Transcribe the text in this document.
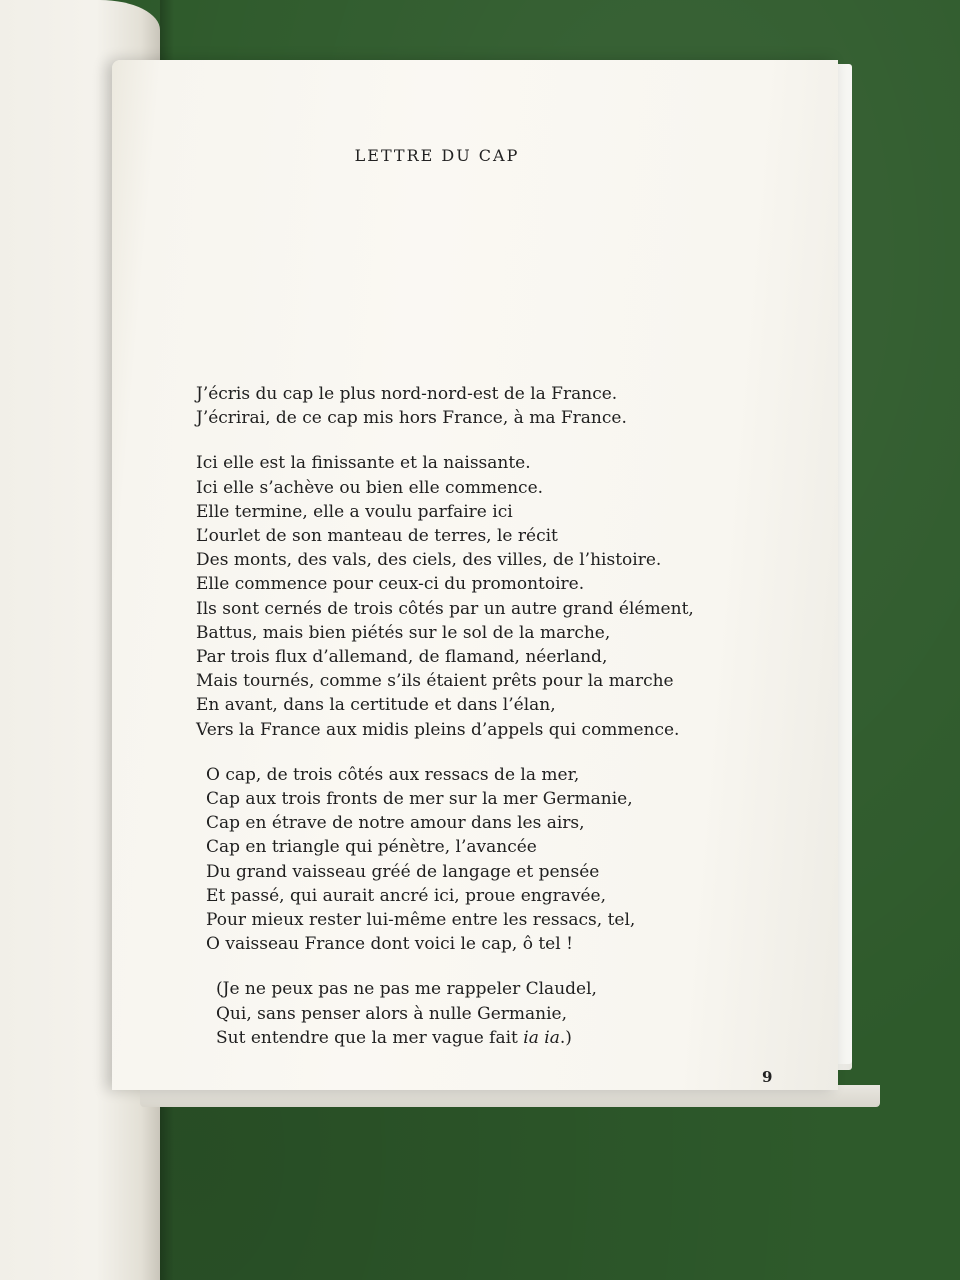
LETTRE DU CAP
J’écris du cap le plus nord-nord-est de la France.
J’écrirai, de ce cap mis hors France, à ma France.
Ici elle est la finissante et la naissante.
Ici elle s’achève ou bien elle commence.
Elle termine, elle a voulu parfaire ici
L’ourlet de son manteau de terres, le récit
Des monts, des vals, des ciels, des villes, de l’histoire.
Elle commence pour ceux-ci du promontoire.
Ils sont cernés de trois côtés par un autre grand élément,
Battus, mais bien piétés sur le sol de la marche,
Par trois flux d’allemand, de flamand, néerland,
Mais tournés, comme s’ils étaient prêts pour la marche
En avant, dans la certitude et dans l’élan,
Vers la France aux midis pleins d’appels qui commence.
O cap, de trois côtés aux ressacs de la mer,
Cap aux trois fronts de mer sur la mer Germanie,
Cap en étrave de notre amour dans les airs,
Cap en triangle qui pénètre, l’avancée
Du grand vaisseau gréé de langage et pensée
Et passé, qui aurait ancré ici, proue engravée,
Pour mieux rester lui-même entre les ressacs, tel,
O vaisseau France dont voici le cap, ô tel !
(Je ne peux pas ne pas me rappeler Claudel,
Qui, sans penser alors à nulle Germanie,
Sut entendre que la mer vague fait ia ia.)
9
